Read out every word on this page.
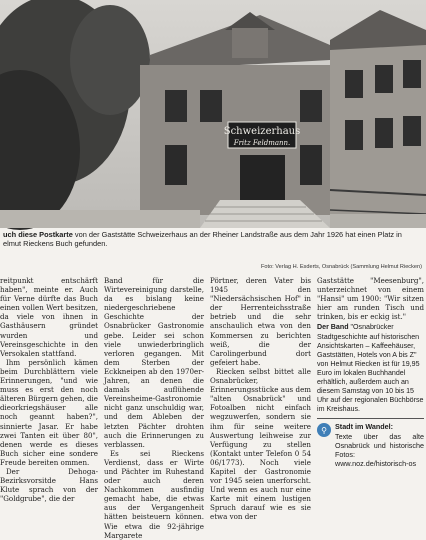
Schweizerhaus
Fritz Feldmann.
uch diese Postkarte von der Gaststätte Schweizerhaus an der Rheiner Landstraße aus dem Jahr 1926 hat einen Platz in
elmut Rieckens Buch gefunden.
Foto: Verlag H. Esderts, Osnabrück (Sammlung Helmut Riecken)

reitpunkt entschärft haben", meinte er. Auch für Verne dürfte das Buch einen vollen Wert besitzen, da viele von ihnen in Gasthäusern gründet wurden und Vereinsgeschichte in den Versokalen stattfand.

Ihm persönlich kämen beim Durchblättern viele Erinnerungen, "und wie muss es erst den noch älteren Bürgern gehen, die dieorkriegshäuser alle noch geannt haben?", sinnierte Jasar. Er habe zwei Tanten eit über 80", denen werde es dieses Buch sicher eine sondere Freude bereiten ommen.

Der Dehoga-Bezirksvorsitde Hans Klute sprach von der "Goldgrube", die der

Band für die Wirtevereinigung darstelle, da es bislang keine niedergeschriebene Geschichte der Osnabrücker Gastronomie gebe. Leider sei schon viele unwiederbringlich verloren gegangen. Mit dem Sterben der Eckkneipen ab den 1970er-Jahren, an denen die damals auflühende Vereinsheime-Gastronomie nicht ganz unschuldig war, und dem Ableben der letzten Pächter drohten auch die Erinnerungen zu verblassen.

Es sei Rieckens Verdienst, dass er Wirte und Pächter im Ruhestand oder auch deren Nachkommen ausfindig gemacht habe, die etwas aus der Vergangenheit hätten beisteuern können. Wie etwa die 92-jährige Margarete

Pörtner, deren Vater bis 1945 den "Niedersächsischen Hof" in der Herrenteichsstraße betrieb und die sehr anschaulich etwa von den Kommersen zu berichten weiß, die der Carolingerbund dort gefeiert habe.

Riecken selbst bittet alle Osnabrücker, Erinnerungsstücke aus dem "alten Osnabrück" und Fotoalben nicht einfach wegzuwerfen, sondern sie ihm für seine weitere Auswertung leihweise zur Verfügung zu stellen (Kontakt unter Telefon 0 54 06/1773). Noch viele Kapitel der Gastronomie vor 1945 seien unerforscht. Und wenn es auch nur eine Karte mit einem lustigen Spruch darauf wie es sie etwa von der

Gaststätte "Meesenburg", unterzeichnet von einem "Hansi" um 1900: "Wir sitzen hier am runden Tisch und trinken, bis er eckig ist."

Der Band "Osnabrücker Stadtgeschichte auf historischen Ansichtskarten – Kaffeehäuser, Gaststätten, Hotels von A bis Z" von Helmut Riecken ist für 19,95 Euro im lokalen Buchhandel erhältlich, außerdem auch an diesem Samstag von 10 bis 15 Uhr auf der regionalen Büchbörse im Kreishaus.
⚲	Stadt im Wandel:
Texte über das alte Osnabrück und historische Fotos: www.noz.de/historisch-os
